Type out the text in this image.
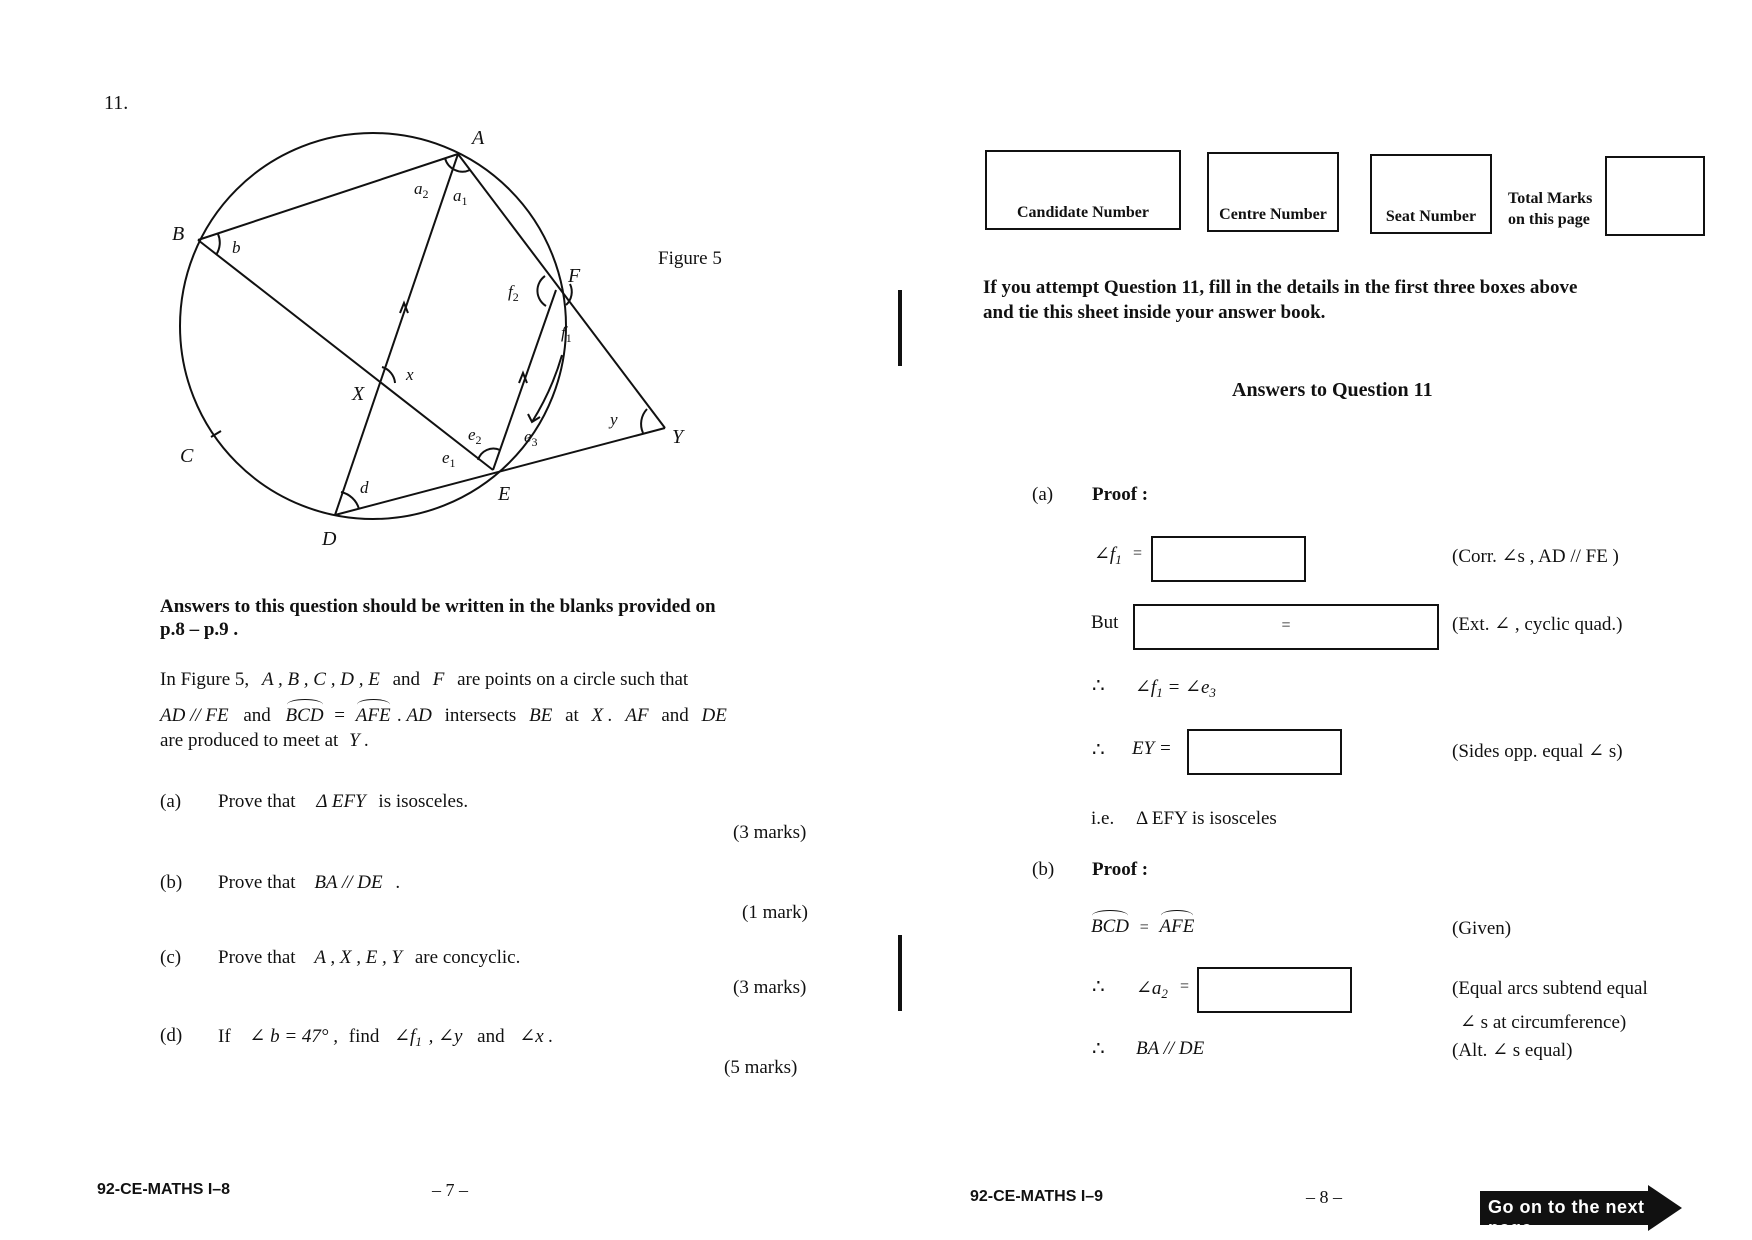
11.
A
B
C
D
E
F
X
Y
$a_2$ $a_1$
b
$f_2$
$f_1$
x
y
$e_2$ $e_3$
$e_1$
d
Figure 5
Answers to this question should be written in the blanks provided on
p.8 – p.9 .
In Figure 5, A , B , C , D , E and F are points on a circle such that
AD // FE and BCD = AFE . AD intersects BE at X . AF and DE
are produced to meet at Y .
(a) Prove that Δ EFY is isosceles.
(3 marks)
(b) Prove that BA // DE .
(1 mark)
(c) Prove that A , X , E , Y are concyclic.
(3 marks)
(d) If ∠ b = 47° , find $\angle f_1$ , ∠y and ∠x .
(5 marks)
92-CE-MATHS I–8	– 7 –
Candidate Number	Centre Number	Seat Number
Total Marks
on this page
If you attempt Question 11, fill in the details in the first three boxes above
and tie this sheet inside your answer book.
Answers to Question 11
(a) Proof :
$\angle f_1$ =	(Corr. ∠s , AD // FE )
But	=	(Ext. ∠ , cyclic quad.)
∴ $\angle f_1$ = $\angle e_3$
∴ EY =	(Sides opp. equal ∠ s)
i.e. Δ EFY is isosceles
(b) Proof :
BCD = AFE	(Given)
∴ $\angle a_2$ =	(Equal arcs subtend equal
∠ s at circumference)
∴ BA // DE	(Alt. ∠ s equal)
92-CE-MATHS I–9	– 8 –	Go on to the next page
